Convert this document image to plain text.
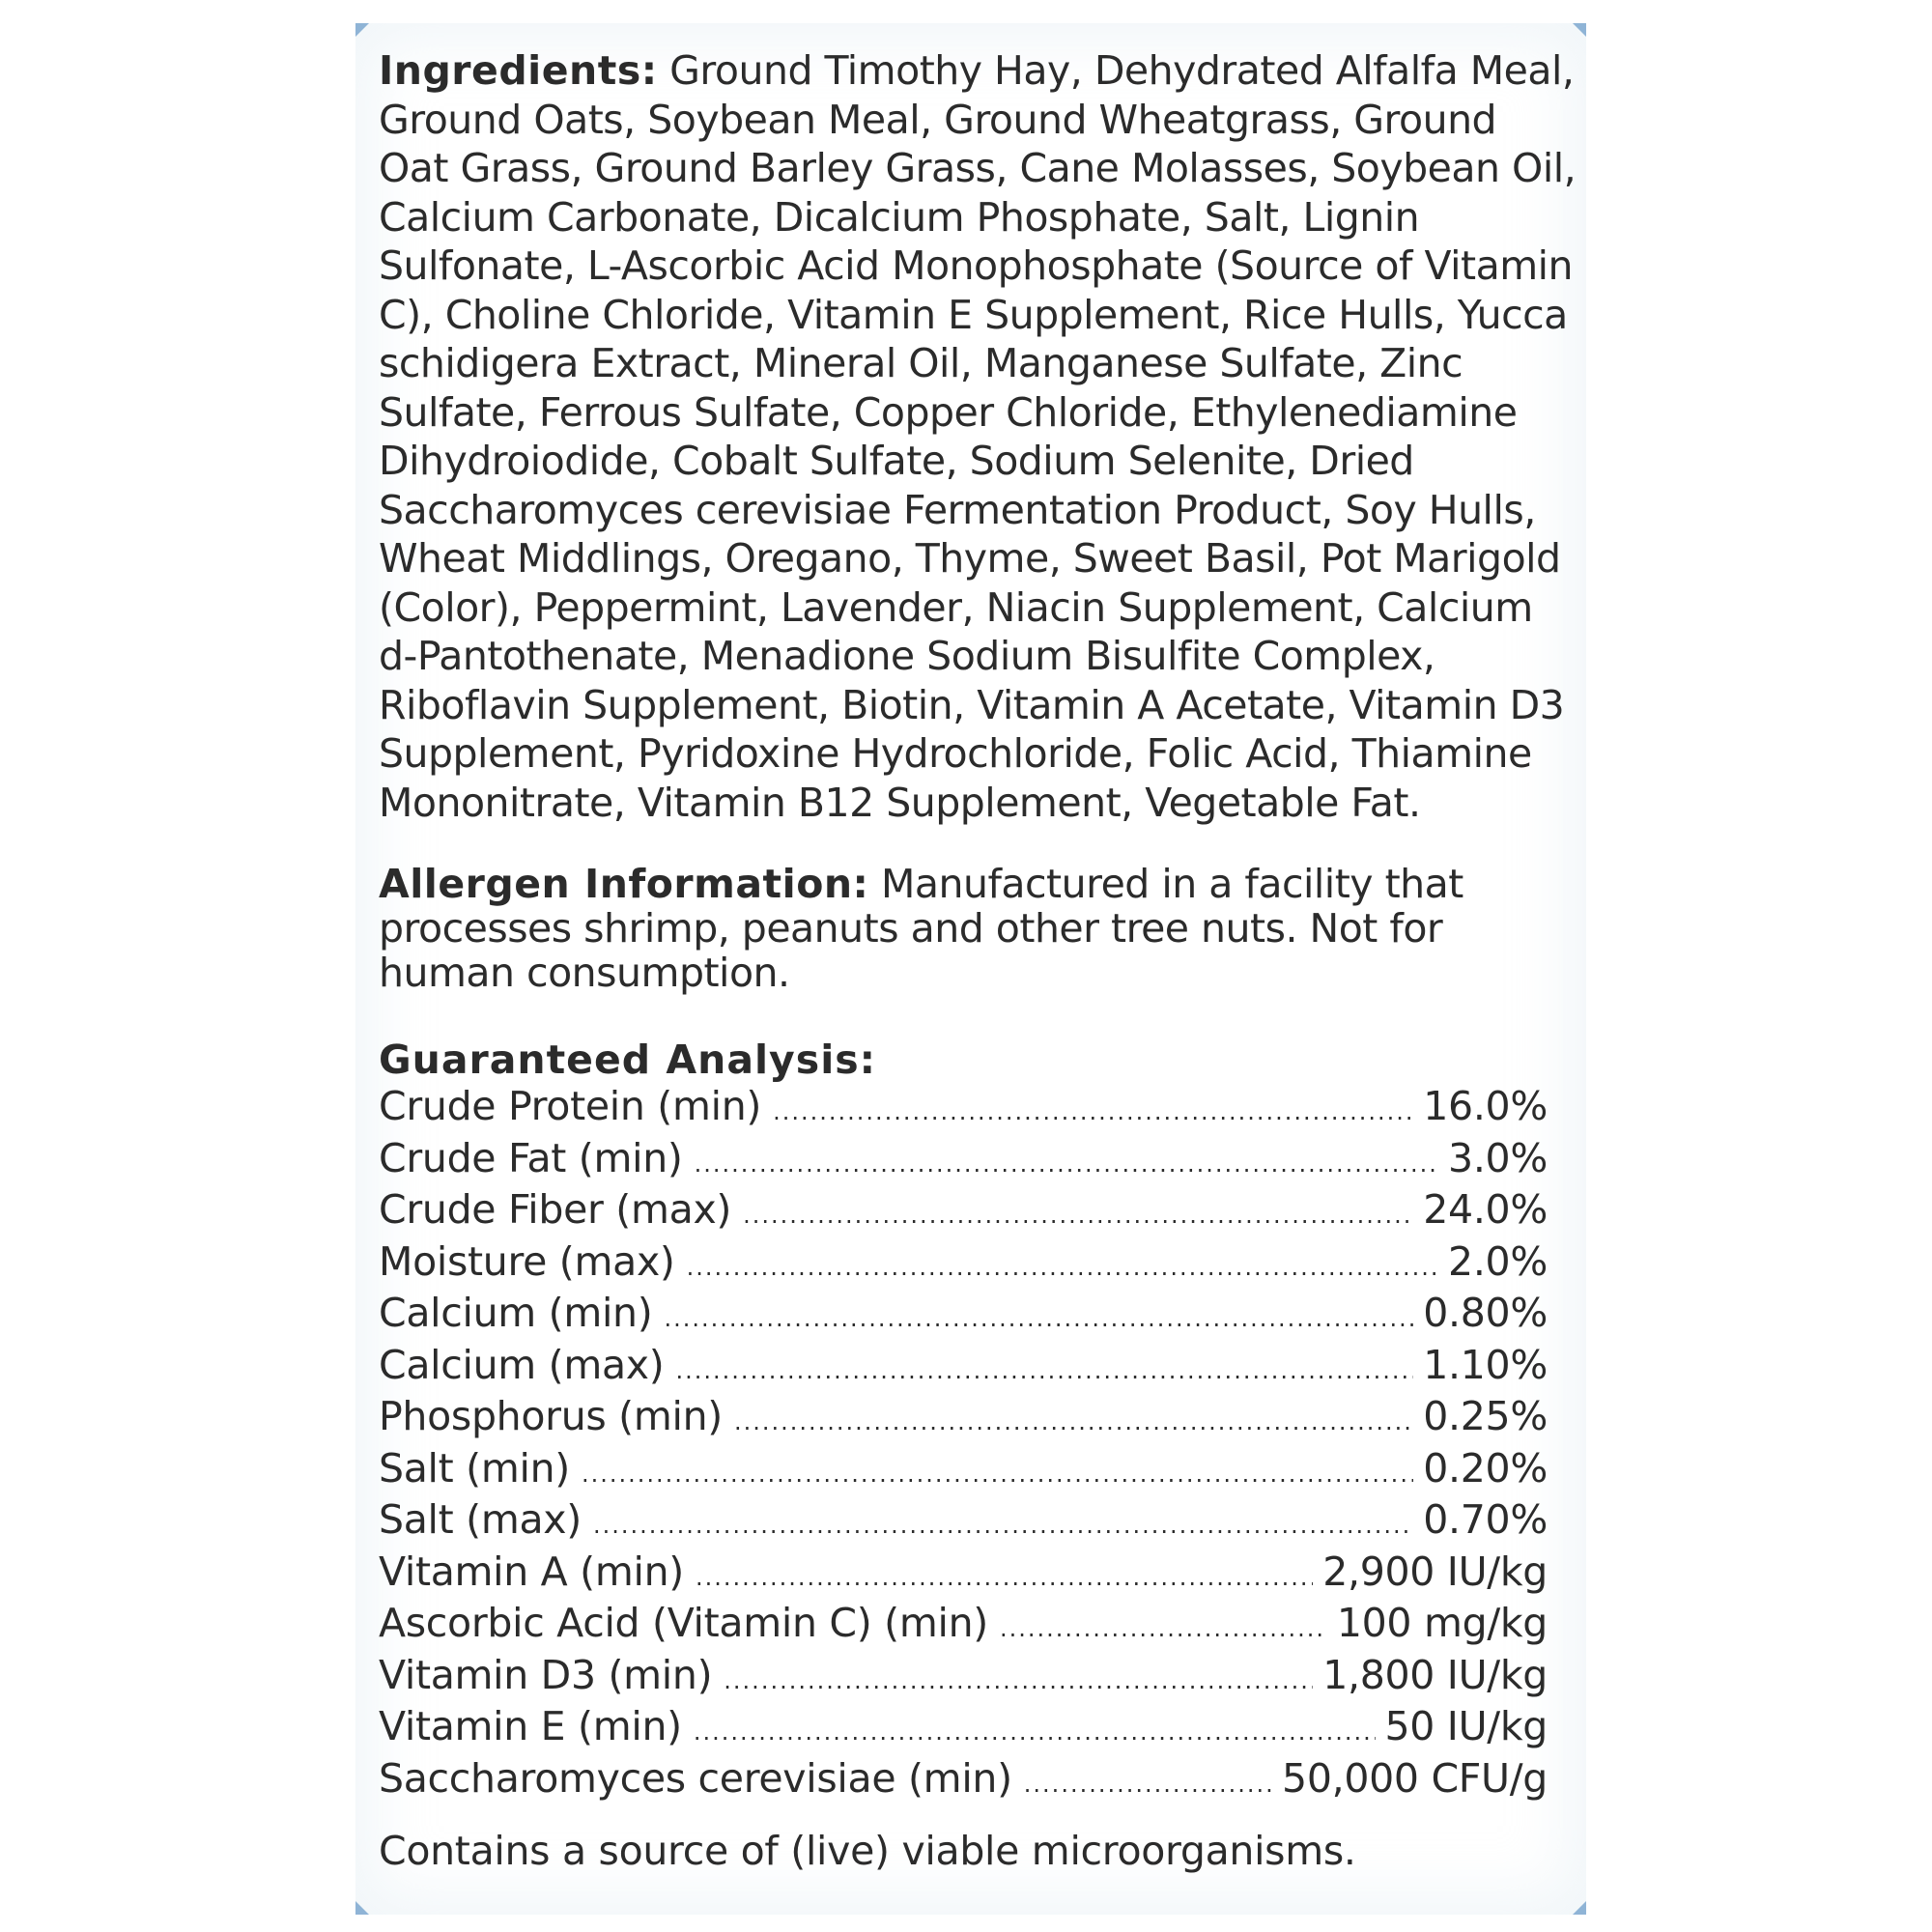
Ingredients: Ground Timothy Hay, Dehydrated Alfalfa Meal, Ground Oats, Soybean Meal, Ground Wheatgrass, Ground Oat Grass, Ground Barley Grass, Cane Molasses, Soybean Oil, Calcium Carbonate, Dicalcium Phosphate, Salt, Lignin Sulfonate, L-Ascorbic Acid Monophosphate (Source of Vitamin C), Choline Chloride, Vitamin E Supplement, Rice Hulls, Yucca schidigera Extract, Mineral Oil, Manganese Sulfate, Zinc Sulfate, Ferrous Sulfate, Copper Chloride, Ethylenediamine Dihydroiodide, Cobalt Sulfate, Sodium Selenite, Dried Saccharomyces cerevisiae Fermentation Product, Soy Hulls, Wheat Middlings, Oregano, Thyme, Sweet Basil, Pot Marigold (Color), Peppermint, Lavender, Niacin Supplement, Calcium d-Pantothenate, Menadione Sodium Bisulfite Complex, Riboflavin Supplement, Biotin, Vitamin A Acetate, Vitamin D3 Supplement, Pyridoxine Hydrochloride, Folic Acid, Thiamine Mononitrate, Vitamin B12 Supplement, Vegetable Fat.

Allergen Information: Manufactured in a facility that processes shrimp, peanuts and other tree nuts. Not for human consumption.

Guaranteed Analysis:
Crude Protein (min) .....	16.0%
Crude Fat (min) .....	3.0%
Crude Fiber (max) .....	24.0%
Moisture (max) .....	2.0%
Calcium (min) .....	0.80%
Calcium (max) .....	1.10%
Phosphorus (min) .....	0.25%
Salt (min) .....	0.20%
Salt (max) .....	0.70%
Vitamin A (min) .....	2,900 IU/kg
Ascorbic Acid (Vitamin C) (min) .....	100 mg/kg
Vitamin D3 (min) .....	1,800 IU/kg
Vitamin E (min) .....	50 IU/kg
Saccharomyces cerevisiae (min) .....	50,000 CFU/g
Contains a source of (live) viable microorganisms.
